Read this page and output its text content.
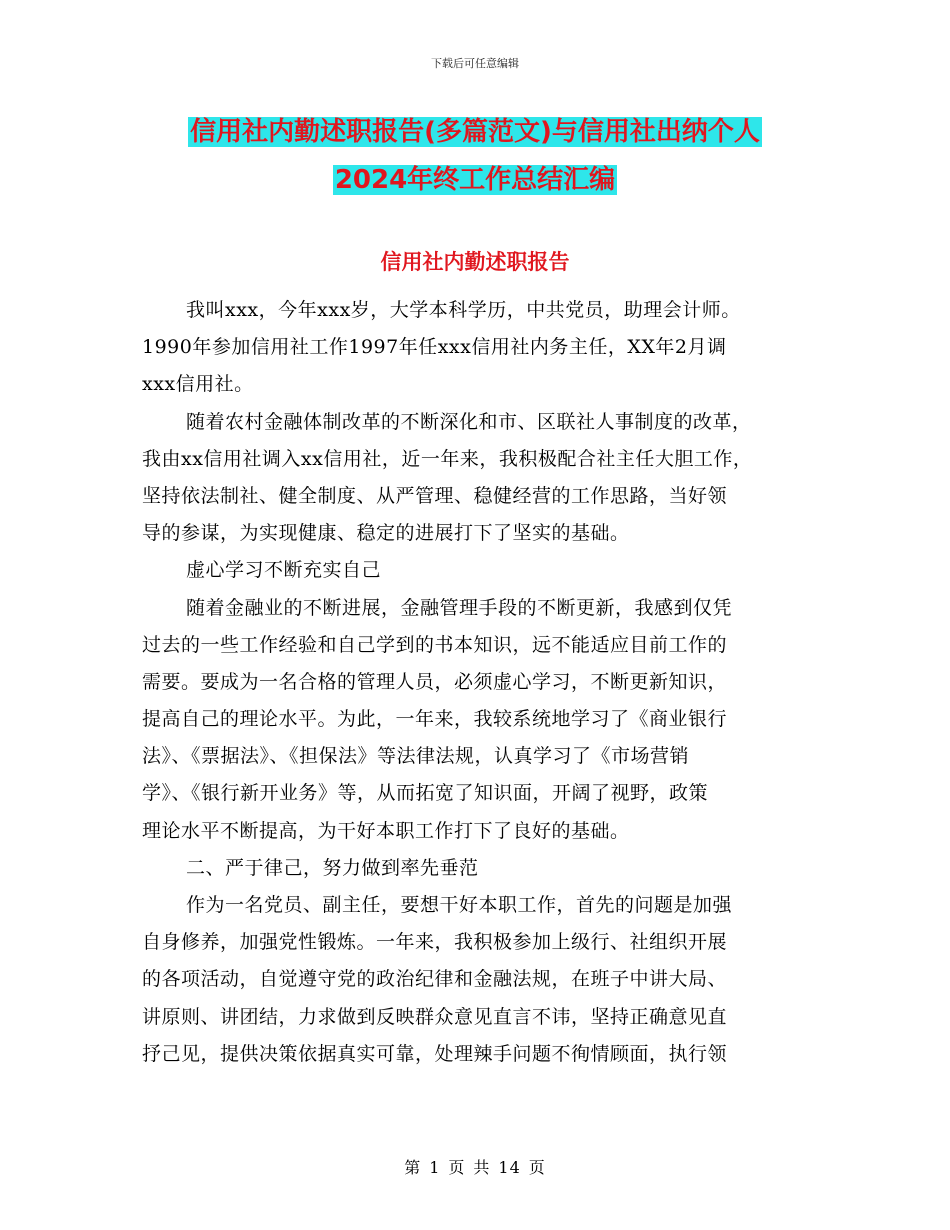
下载后可任意编辑
信用社内勤述职报告(多篇范文)与信用社出纳个人
2024年终工作总结汇编
信用社内勤述职报告
我叫xxx，今年xxx岁，大学本科学历，中共党员，助理会计师。
1990年参加信用社工作1997年任xxx信用社内务主任，XX年2月调
xxx信用社。
随着农村金融体制改革的不断深化和市、区联社人事制度的改革，
我由xx信用社调入xx信用社，近一年来，我积极配合社主任大胆工作，
坚持依法制社、健全制度、从严管理、稳健经营的工作思路，当好领
导的参谋，为实现健康、稳定的进展打下了坚实的基础。
虚心学习不断充实自己
随着金融业的不断进展，金融管理手段的不断更新，我感到仅凭
过去的一些工作经验和自己学到的书本知识，远不能适应目前工作的
需要。要成为一名合格的管理人员，必须虚心学习，不断更新知识，
提高自己的理论水平。为此，一年来，我较系统地学习了《商业银行
法》、《票据法》、《担保法》等法律法规，认真学习了《市场营销
学》、《银行新开业务》等，从而拓宽了知识面，开阔了视野，政策
理论水平不断提高，为干好本职工作打下了良好的基础。
二、严于律己，努力做到率先垂范
作为一名党员、副主任，要想干好本职工作，首先的问题是加强
自身修养，加强党性锻炼。一年来，我积极参加上级行、社组织开展
的各项活动，自觉遵守党的政治纪律和金融法规，在班子中讲大局、
讲原则、讲团结，力求做到反映群众意见直言不讳，坚持正确意见直
抒己见，提供决策依据真实可靠，处理辣手问题不徇情顾面，执行领
第 1 页 共 14 页
